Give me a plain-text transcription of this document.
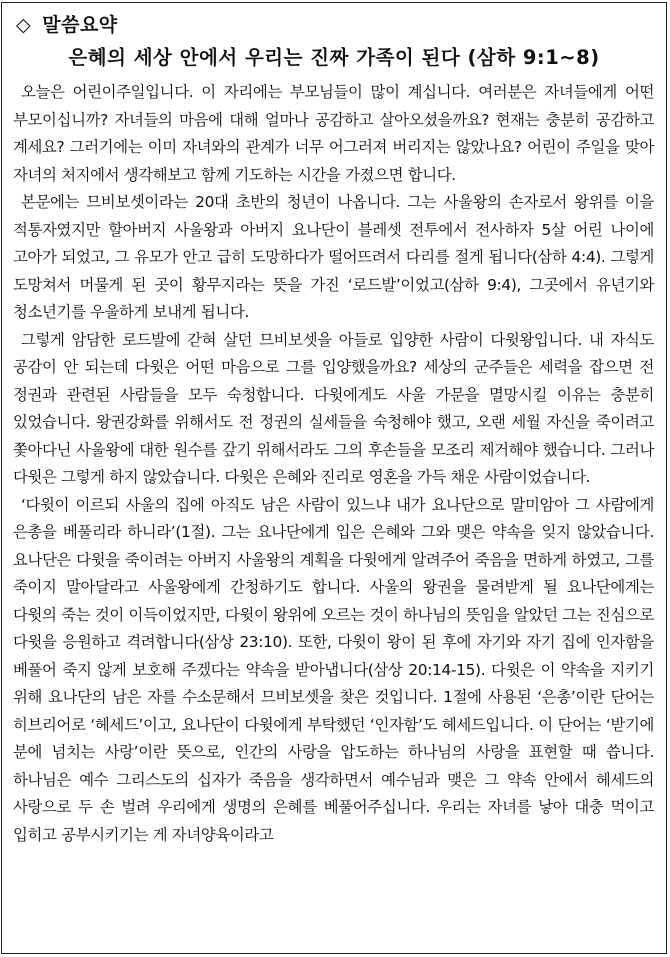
◇ 말씀요약
은혜의 세상 안에서 우리는 진짜 가족이 된다 (삼하 9:1~8)

오늘은 어린이주일입니다. 이 자리에는 부모님들이 많이 계십니다. 여러분은 자녀들에게 어떤 부모이십니까? 자녀들의 마음에 대해 얼마나 공감하고 살아오셨을까요? 현재는 충분히 공감하고 계세요? 그러기에는 이미 자녀와의 관계가 너무 어그러져 버리지는 않았나요? 어린이 주일을 맞아 자녀의 처지에서 생각해보고 함께 기도하는 시간을 가졌으면 합니다.

본문에는 므비보셋이라는 20대 초반의 청년이 나옵니다. 그는 사울왕의 손자로서 왕위를 이을 적통자였지만 할아버지 사울왕과 아버지 요나단이 블레셋 전투에서 전사하자 5살 어린 나이에 고아가 되었고, 그 유모가 안고 급히 도망하다가 떨어뜨려서 다리를 절게 됩니다(삼하 4:4). 그렇게 도망쳐서 머물게 된 곳이 황무지라는 뜻을 가진 ‘로드발’이었고(삼하 9:4), 그곳에서 유년기와 청소년기를 우울하게 보내게 됩니다.

그렇게 암담한 로드발에 갇혀 살던 므비보셋을 아들로 입양한 사람이 다윗왕입니다. 내 자식도 공감이 안 되는데 다윗은 어떤 마음으로 그를 입양했을까요? 세상의 군주들은 세력을 잡으면 전 정권과 관련된 사람들을 모두 숙청합니다. 다윗에게도 사울 가문을 멸망시킬 이유는 충분히 있었습니다. 왕권강화를 위해서도 전 정권의 실세들을 숙청해야 했고, 오랜 세월 자신을 죽이려고 쫓아다닌 사울왕에 대한 원수를 갚기 위해서라도 그의 후손들을 모조리 제거해야 했습니다. 그러나 다윗은 그렇게 하지 않았습니다. 다윗은 은혜와 진리로 영혼을 가득 채운 사람이었습니다.

‘다윗이 이르되 사울의 집에 아직도 남은 사람이 있느냐 내가 요나단으로 말미암아 그 사람에게 은총을 베풀리라 하니라’(1절). 그는 요나단에게 입은 은혜와 그와 맺은 약속을 잊지 않았습니다. 요나단은 다윗을 죽이려는 아버지 사울왕의 계획을 다윗에게 알려주어 죽음을 면하게 하였고, 그를 죽이지 말아달라고 사울왕에게 간청하기도 합니다. 사울의 왕권을 물려받게 될 요나단에게는 다윗의 죽는 것이 이득이었지만, 다윗이 왕위에 오르는 것이 하나님의 뜻임을 알았던 그는 진심으로 다윗을 응원하고 격려합니다(삼상 23:10). 또한, 다윗이 왕이 된 후에 자기와 자기 집에 인자함을 베풀어 죽지 않게 보호해 주겠다는 약속을 받아냅니다(삼상 20:14-15). 다윗은 이 약속을 지키기 위해 요나단의 남은 자를 수소문해서 므비보셋을 찾은 것입니다. 1절에 사용된 ‘은총’이란 단어는 히브리어로 ‘헤세드’이고, 요나단이 다윗에게 부탁했던 ‘인자함’도 헤세드입니다. 이 단어는 ‘받기에 분에 넘치는 사랑’이란 뜻으로, 인간의 사랑을 압도하는 하나님의 사랑을 표현할 때 씁니다. 하나님은 예수 그리스도의 십자가 죽음을 생각하면서 예수님과 맺은 그 약속 안에서 헤세드의 사랑으로 두 손 벌려 우리에게 생명의 은혜를 베풀어주십니다. 우리는 자녀를 낳아 대충 먹이고 입히고 공부시키기는 게 자녀양육이라고
